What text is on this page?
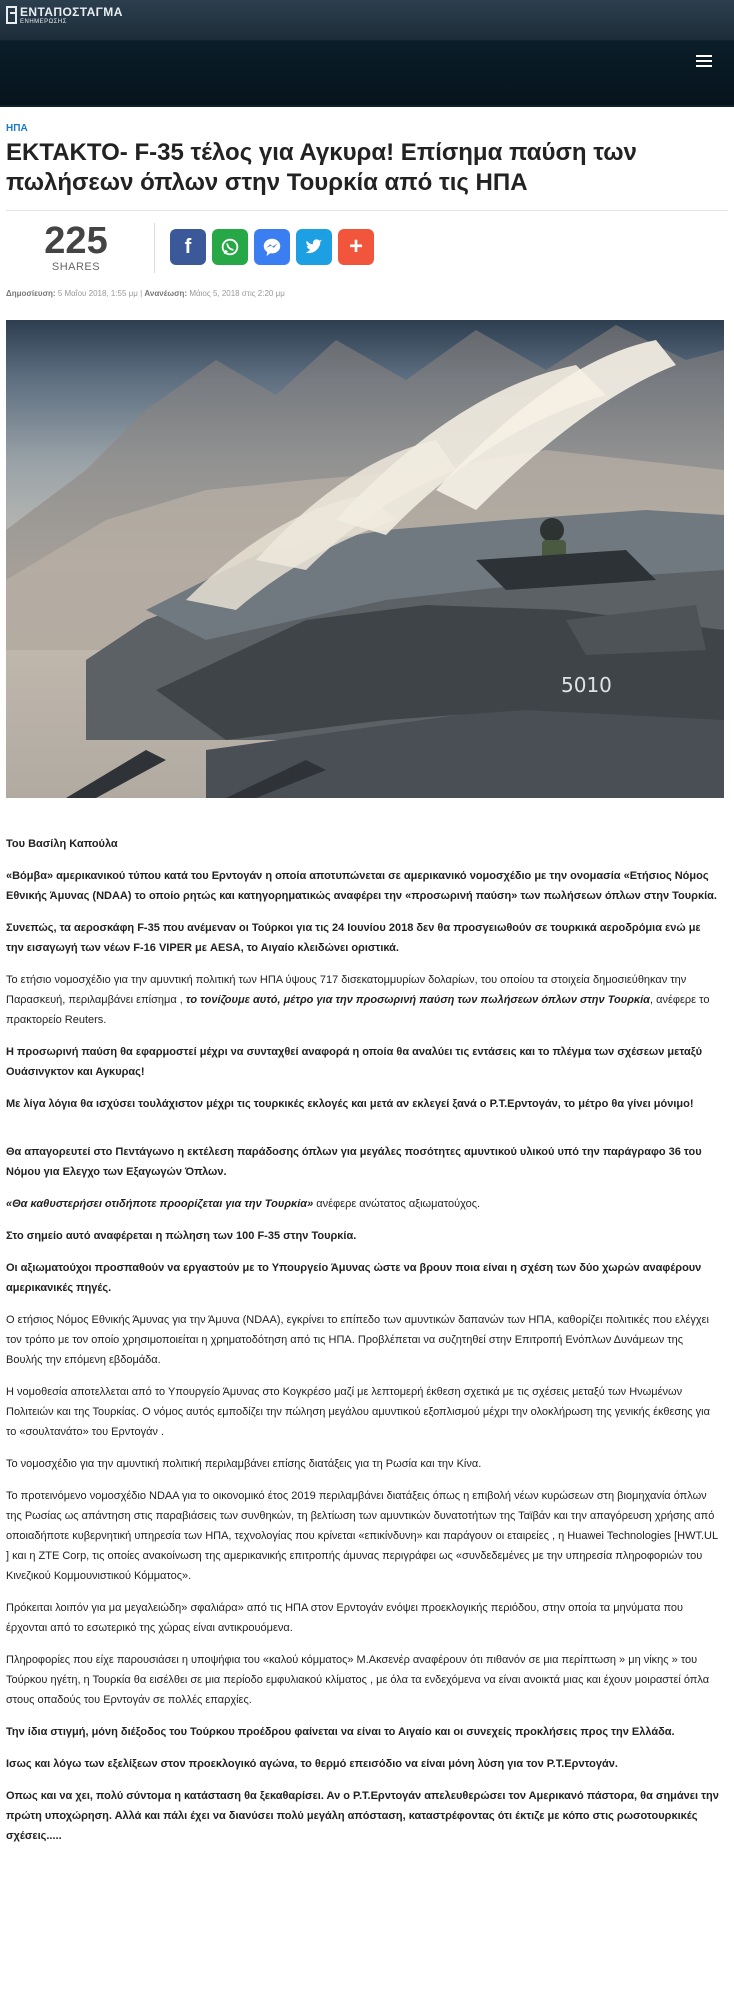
ΕΝΤΑΠΟΣΤΑΓΜΑ
ΕΝΗΜΕΡΩΣΗΣ
ΗΠΑ
ΕΚΤΑΚΤΟ- F-35 τέλος για Αγκυρα! Επίσημα παύση των πωλήσεων όπλων στην Τουρκία από τις ΗΠΑ
225
SHARES
f	+
Δημοσίευση: 5 Μαΐου 2018, 1:55 μμ | Ανανέωση: Μάιος 5, 2018 στις 2:20 μμ
5010

Του Βασίλη Καπούλα

«Βόμβα» αμερικανικού τύπου κατά του Ερντογάν η οποία αποτυπώνεται σε αμερικανικό νομοσχέδιο με την ονομασία «Ετήσιος Νόμος Εθνικής Άμυνας (NDAA) το οποίο ρητώς και κατηγορηματικώς αναφέρει την «προσωρινή παύση» των πωλήσεων όπλων στην Τουρκία.

Συνεπώς, τα αεροσκάφη F-35 που ανέμεναν οι Τούρκοι για τις 24 Ιουνίου 2018 δεν θα προσγειωθούν σε τουρκικά αεροδρόμια ενώ με την εισαγωγή των νέων F-16 VIPER με AESA, το Αιγαίο κλειδώνει οριστικά.

Το ετήσιο νομοσχέδιο για την αμυντική πολιτική των ΗΠΑ ύψους 717 δισεκατομμυρίων δολαρίων, του οποίου τα στοιχεία δημοσιεύθηκαν την Παρασκευή, περιλαμβάνει επίσημα , το τονίζουμε αυτό, μέτρο για την προσωρινή παύση των πωλήσεων όπλων στην Τουρκία, ανέφερε το πρακτορείο Reuters.

Η προσωρινή παύση θα εφαρμοστεί μέχρι να συνταχθεί αναφορά η οποία θα αναλύει τις εντάσεις και το πλέγμα των σχέσεων μεταξύ Ουάσινγκτον και Αγκυρας!

Με λίγα λόγια θα ισχύσει τουλάχιστον μέχρι τις τουρκικές εκλογές και μετά αν εκλεγεί ξανά ο Ρ.Τ.Ερντογάν, το μέτρο θα γίνει μόνιμο!

Θα απαγορευτεί στο Πεντάγωνο η εκτέλεση παράδοσης όπλων για μεγάλες ποσότητες αμυντικού υλικού υπό την παράγραφο 36 του Νόμου για Ελεγχο των Εξαγωγών Όπλων.

«Θα καθυστερήσει οτιδήποτε προορίζεται για την Τουρκία» ανέφερε ανώτατος αξιωματούχος.

Στο σημείο αυτό αναφέρεται η πώληση των 100 F-35 στην Τουρκία.

Οι αξιωματούχοι προσπαθούν να εργαστούν με το Υπουργείο Άμυνας ώστε να βρουν ποια είναι η σχέση των δύο χωρών αναφέρουν αμερικανικές πηγές.

Ο ετήσιος Νόμος Εθνικής Άμυνας για την Άμυνα (NDAA), εγκρίνει το επίπεδο των αμυντικών δαπανών των ΗΠΑ, καθορίζει πολιτικές που ελέγχει τον τρόπο με τον οποίο χρησιμοποιείται η χρηματοδότηση από τις ΗΠΑ. Προβλέπεται να συζητηθεί στην Επιτροπή Ενόπλων Δυνάμεων της Βουλής την επόμενη εβδομάδα.

Η νομοθεσία αποτελλεται από το Υπουργείο Άμυνας στο Κογκρέσο μαζί με λεπτομερή έκθεση σχετικά με τις σχέσεις μεταξύ των Ηνωμένων Πολιτειών και της Τουρκίας. Ο νόμος αυτός εμποδίζει την πώληση μεγάλου αμυντικού εξοπλισμού μέχρι την ολοκλήρωση της γενικής έκθεσης για το «σουλτανάτο» του Ερντογάν .

Το νομοσχέδιο για την αμυντική πολιτική περιλαμβάνει επίσης διατάξεις για τη Ρωσία και την Κίνα.

Το προτεινόμενο νομοσχέδιο NDAA για το οικονομικό έτος 2019 περιλαμβάνει διατάξεις όπως η επιβολή νέων κυρώσεων στη βιομηχανία όπλων της Ρωσίας ως απάντηση στις παραβιάσεις των συνθηκών, τη βελτίωση των αμυντικών δυνατοτήτων της Ταϊβάν και την απαγόρευση χρήσης από οποιαδήποτε κυβερνητική υπηρεσία των ΗΠΑ, τεχνολογίας που κρίνεται «επικίνδυνη» και παράγουν οι εταιρείες , η Huawei Technologies [HWT.UL ] και η ZTE Corp, τις οποίες ανακοίνωση της αμερικανικής επιτροπής άμυνας περιγράφει ως «συνδεδεμένες με την υπηρεσία πληροφοριών του Κινεζικού Κομμουνιστικού Κόμματος».

Πρόκειται λοιπόν για μα μεγαλειώδη» σφαλιάρα» από τις ΗΠΑ στον Ερντογάν ενόψει προεκλογικής περιόδου, στην οποία τα μηνύματα που έρχονται από το εσωτερικό της χώρας είναι αντικρουόμενα.

Πληροφορίες που είχε παρουσιάσει η υποψήφια του «καλού κόμματος» Μ.Ακσενέρ αναφέρουν ότι πιθανόν σε μια περίπτωση » μη νίκης » του Τούρκου ηγέτη, η Τουρκία θα εισέλθει σε μια περίοδο εμφυλιακού κλίματος , με όλα τα ενδεχόμενα να είναι ανοικτά μιας και έχουν μοιραστεί όπλα στους οπαδούς του Ερντογάν σε πολλές επαρχίες.

Την ίδια στιγμή, μόνη διέξοδος του Τούρκου προέδρου φαίνεται να είναι το Αιγαίο και οι συνεχείς προκλήσεις προς την Ελλάδα.

Ισως και λόγω των εξελίξεων στον προεκλογικό αγώνα, το θερμό επεισόδιο να είναι μόνη λύση για τον Ρ.Τ.Ερντογάν.

Οπως και να χει, πολύ σύντομα η κατάσταση θα ξεκαθαρίσει. Αν ο Ρ.Τ.Ερντογάν απελευθερώσει τον Αμερικανό πάστορα, θα σημάνει την πρώτη υποχώρηση. Αλλά και πάλι έχει να διανύσει πολύ μεγάλη απόσταση, καταστρέφοντας ότι έκτιζε με κόπο στις ρωσοτουρκικές σχέσεις.....
